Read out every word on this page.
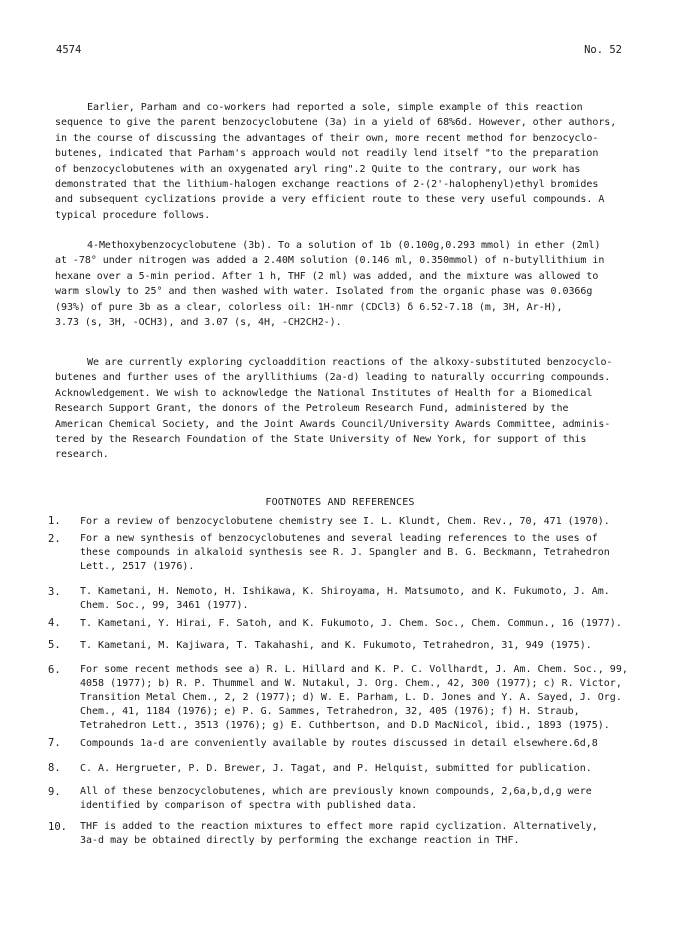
4574	No. 52

Earlier, Parham and co-workers had reported a sole, simple example of this reaction

sequence to give the parent benzocyclobutene (3a) in a yield of 68%6d. However, other authors,

in the course of discussing the advantages of their own, more recent method for benzocyclo-

butenes, indicated that Parham's approach would not readily lend itself "to the preparation

of benzocyclobutenes with an oxygenated aryl ring".2 Quite to the contrary, our work has

demonstrated that the lithium-halogen exchange reactions of 2-(2'-halophenyl)ethyl bromides

and subsequent cyclizations provide a very efficient route to these very useful compounds. A

typical procedure follows.

4-Methoxybenzocyclobutene (3b). To a solution of 1b (0.100g,0.293 mmol) in ether (2ml)

at -78° under nitrogen was added a 2.40M solution (0.146 ml, 0.350mmol) of n-butyllithium in

hexane over a 5-min period. After 1 h, THF (2 ml) was added, and the mixture was allowed to

warm slowly to 25° and then washed with water. Isolated from the organic phase was 0.0366g

(93%) of pure 3b as a clear, colorless oil: 1H-nmr (CDCl3) δ 6.52-7.18 (m, 3H, Ar-H),

3.73 (s, 3H, -OCH3), and 3.07 (s, 4H, -CH2CH2-).

We are currently exploring cycloaddition reactions of the alkoxy-substituted benzocyclo-

butenes and further uses of the aryllithiums (2a-d) leading to naturally occurring compounds.

Acknowledgement. We wish to acknowledge the National Institutes of Health for a Biomedical

Research Support Grant, the donors of the Petroleum Research Fund, administered by the

American Chemical Society, and the Joint Awards Council/University Awards Committee, adminis-

tered by the Research Foundation of the State University of New York, for support of this

research.

FOOTNOTES AND REFERENCES
1.	For a review of benzocyclobutene chemistry see I. L. Klundt, Chem. Rev., 70, 471 (1970).

2.	For a new synthesis of benzocyclobutenes and several leading references to the uses of

these compounds in alkaloid synthesis see R. J. Spangler and B. G. Beckmann, Tetrahedron

Lett., 2517 (1976).

3.	T. Kametani, H. Nemoto, H. Ishikawa, K. Shiroyama, H. Matsumoto, and K. Fukumoto, J. Am.

Chem. Soc., 99, 3461 (1977).

4.	T. Kametani, Y. Hirai, F. Satoh, and K. Fukumoto, J. Chem. Soc., Chem. Commun., 16 (1977).

5.	T. Kametani, M. Kajiwara, T. Takahashi, and K. Fukumoto, Tetrahedron, 31, 949 (1975).

6.	For some recent methods see a) R. L. Hillard and K. P. C. Vollhardt, J. Am. Chem. Soc., 99,

4058 (1977); b) R. P. Thummel and W. Nutakul, J. Org. Chem., 42, 300 (1977); c) R. Victor,

Transition Metal Chem., 2, 2 (1977); d) W. E. Parham, L. D. Jones and Y. A. Sayed, J. Org.

Chem., 41, 1184 (1976); e) P. G. Sammes, Tetrahedron, 32, 405 (1976); f) H. Straub,

Tetrahedron Lett., 3513 (1976); g) E. Cuthbertson, and D.D MacNicol, ibid., 1893 (1975).

7.	Compounds 1a-d are conveniently available by routes discussed in detail elsewhere.6d,8

8.	C. A. Hergrueter, P. D. Brewer, J. Tagat, and P. Helquist, submitted for publication.

9.	All of these benzocyclobutenes, which are previously known compounds, 2,6a,b,d,g were

identified by comparison of spectra with published data.

10.	THF is added to the reaction mixtures to effect more rapid cyclization. Alternatively,

3a-d may be obtained directly by performing the exchange reaction in THF.
